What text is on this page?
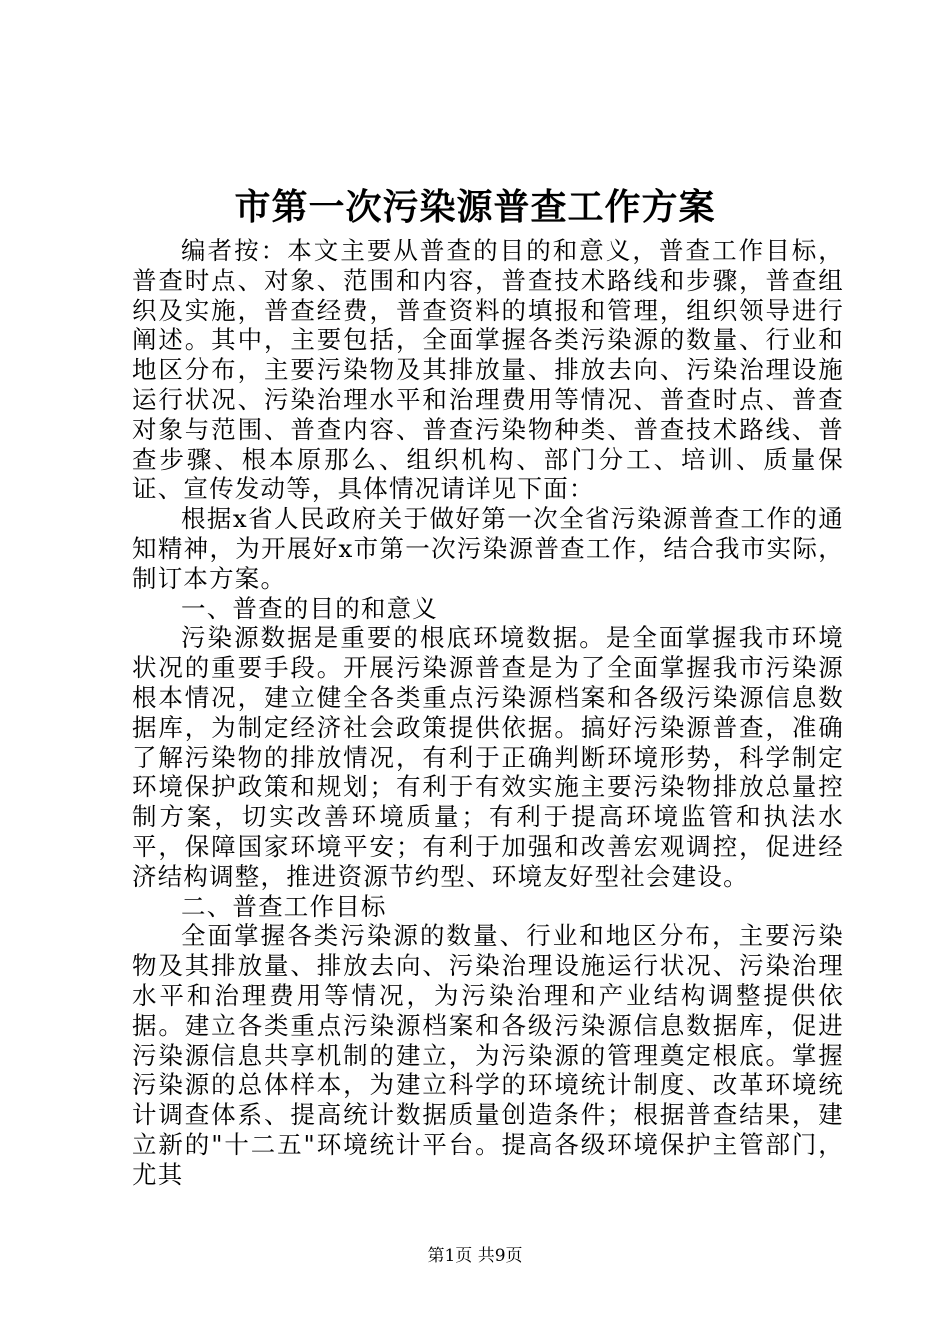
市第一次污染源普查工作方案

编者按：本文主要从普查的目的和意义，普查工作目标，普查时点、对象、范围和内容，普查技术路线和步骤，普查组织及实施，普查经费，普查资料的填报和管理，组织领导进行阐述。其中，主要包括，全面掌握各类污染源的数量、行业和地区分布，主要污染物及其排放量、排放去向、污染治理设施运行状况、污染治理水平和治理费用等情况、普查时点、普查对象与范围、普查内容、普查污染物种类、普查技术路线、普查步骤、根本原那么、组织机构、部门分工、培训、质量保证、宣传发动等，具体情况请详见下面：

根据x省人民政府关于做好第一次全省污染源普查工作的通知精神，为开展好x市第一次污染源普查工作，结合我市实际，制订本方案。

一、普查的目的和意义

污染源数据是重要的根底环境数据。是全面掌握我市环境状况的重要手段。开展污染源普查是为了全面掌握我市污染源根本情况，建立健全各类重点污染源档案和各级污染源信息数据库，为制定经济社会政策提供依据。搞好污染源普查，准确了解污染物的排放情况，有利于正确判断环境形势，科学制定环境保护政策和规划；有利于有效实施主要污染物排放总量控制方案，切实改善环境质量；有利于提高环境监管和执法水平，保障国家环境平安；有利于加强和改善宏观调控，促进经济结构调整，推进资源节约型、环境友好型社会建设。

二、普查工作目标

全面掌握各类污染源的数量、行业和地区分布，主要污染物及其排放量、排放去向、污染治理设施运行状况、污染治理水平和治理费用等情况，为污染治理和产业结构调整提供依据。建立各类重点污染源档案和各级污染源信息数据库，促进污染源信息共享机制的建立，为污染源的管理奠定根底。掌握污染源的总体样本，为建立科学的环境统计制度、改革环境统计调查体系、提高统计数据质量创造条件；根据普查结果，建立新的"十二五"环境统计平台。提高各级环境保护主管部门，尤其

第1页 共9页
